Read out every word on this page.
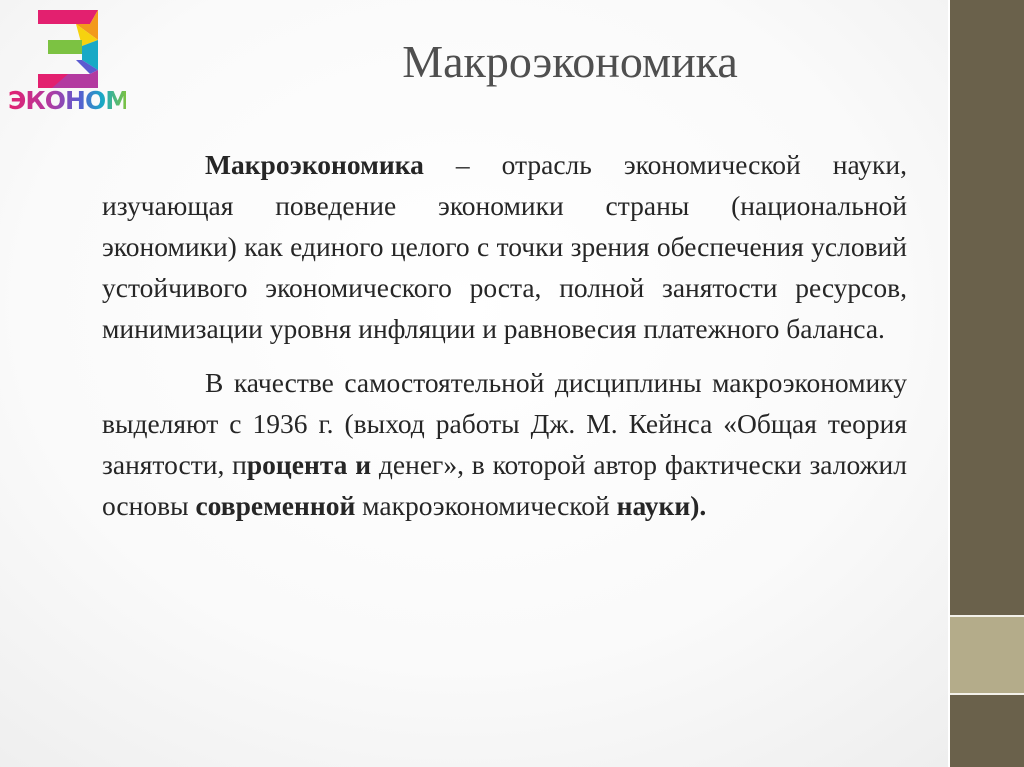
ЭКОНОМ
Макроэкономика

Макроэкономика – отрасль экономической науки, изучающая поведение экономики страны (национальной экономики) как единого целого с точки зрения обеспечения условий устойчивого экономического роста, полной занятости ресурсов, минимизации уровня инфляции и равновесия платежного баланса.

В качестве самостоятельной дисциплины макроэкономику выделяют с 1936 г. (выход работы Дж. М. Кейнса «Общая теория занятости, процента и денег», в которой автор фактически заложил основы современной макроэкономической науки).
